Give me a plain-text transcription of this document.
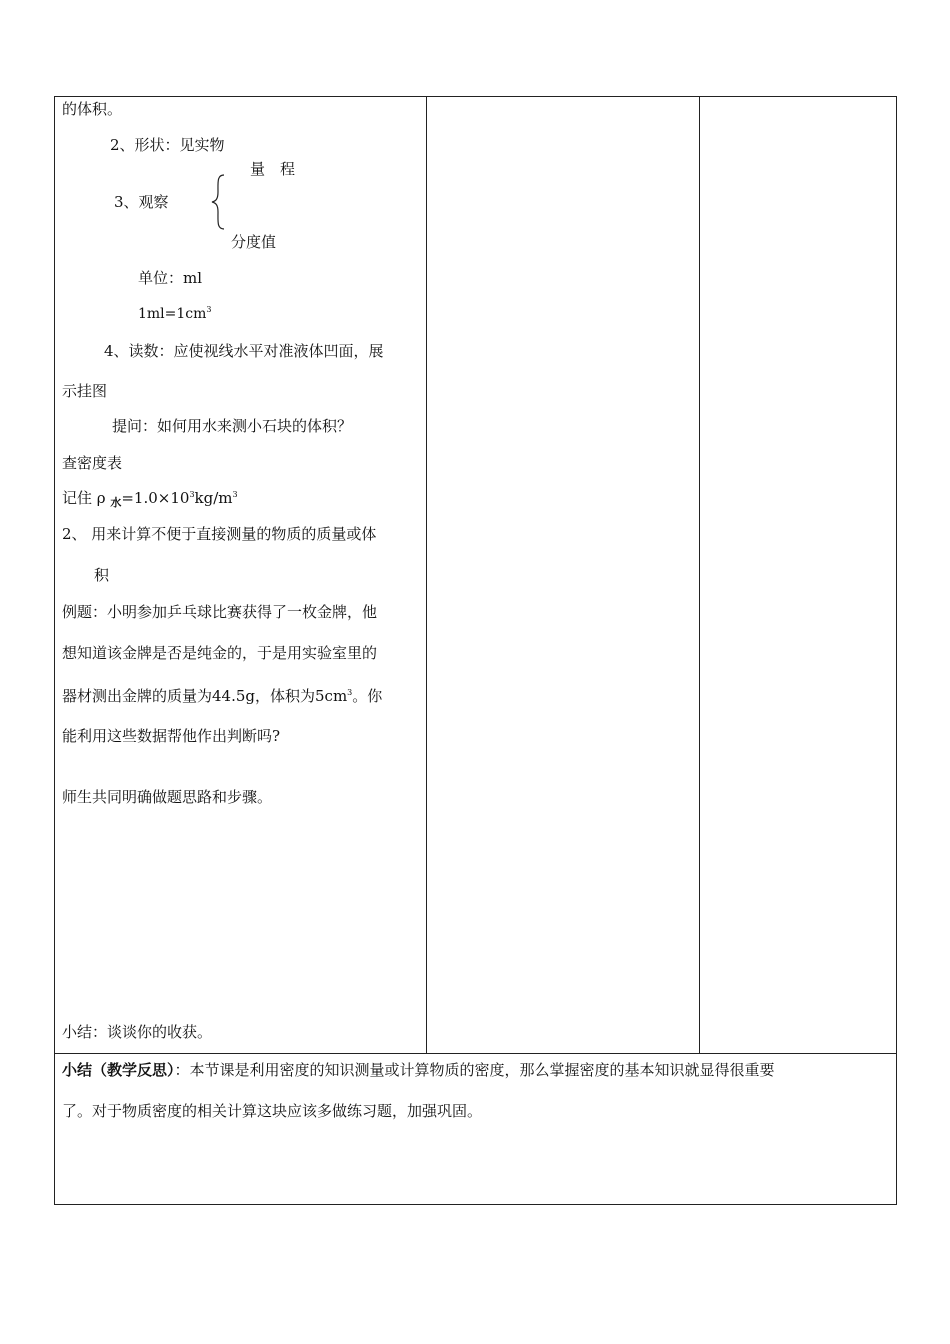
的体积。
2、形状：见实物
量　程
3、观察
分度值
单位：ml
$1ml=1cm^3$
4、读数：应使视线水平对准液体凹面，展
示挂图
提问：如何用水来测小石块的体积？
查密度表
记住 ρ $_水=1.0\times 10^3kg/m^3$
2、 用来计算不便于直接测量的物质的质量或体
积
例题：小明参加乒乓球比赛获得了一枚金牌，他
想知道该金牌是否是纯金的，于是用实验室里的
器材测出金牌的质量为44.5g，体积为$5cm^3$。你
能利用这些数据帮他作出判断吗?
师生共同明确做题思路和步骤。
小结：谈谈你的收获。
小结（教学反思）：本节课是利用密度的知识测量或计算物质的密度，那么掌握密度的基本知识就显得很重要
了。对于物质密度的相关计算这块应该多做练习题，加强巩固。
